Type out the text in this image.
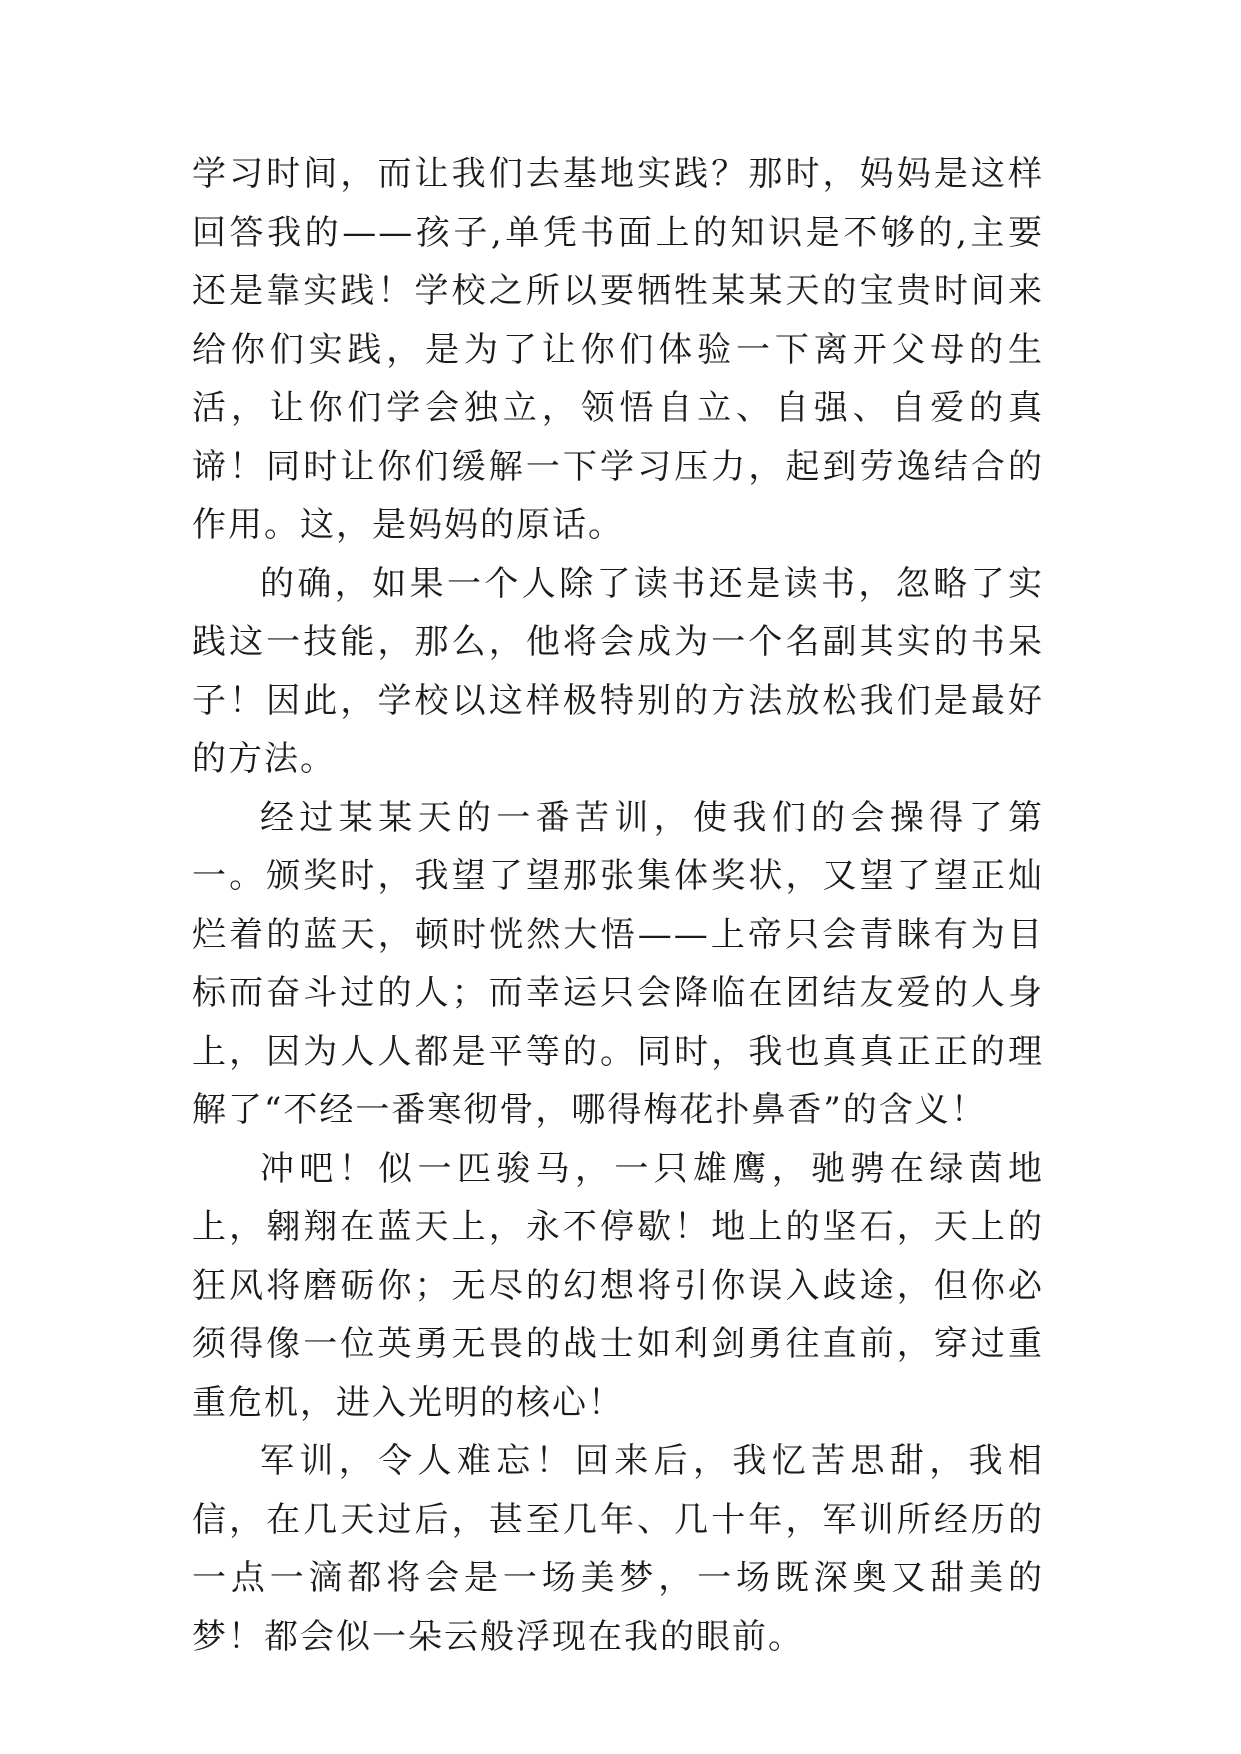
学习时间，而让我们去基地实践？那时，妈妈是这样回答我的——孩子,单凭书面上的知识是不够的,主要还是靠实践！学校之所以要牺牲某某天的宝贵时间来给你们实践，是为了让你们体验一下离开父母的生活，让你们学会独立，领悟自立、自强、自爱的真谛！同时让你们缓解一下学习压力，起到劳逸结合的作用。这，是妈妈的原话。

的确，如果一个人除了读书还是读书，忽略了实践这一技能，那么，他将会成为一个名副其实的书呆子！因此，学校以这样极特别的方法放松我们是最好的方法。

经过某某天的一番苦训，使我们的会操得了第一。颁奖时，我望了望那张集体奖状，又望了望正灿烂着的蓝天，顿时恍然大悟——上帝只会青睐有为目标而奋斗过的人；而幸运只会降临在团结友爱的人身上，因为人人都是平等的。同时，我也真真正正的理解了“不经一番寒彻骨，哪得梅花扑鼻香”的含义！

冲吧！似一匹骏马，一只雄鹰，驰骋在绿茵地上，翱翔在蓝天上，永不停歇！地上的坚石，天上的狂风将磨砺你；无尽的幻想将引你误入歧途，但你必须得像一位英勇无畏的战士如利剑勇往直前，穿过重重危机，进入光明的核心！

军训，令人难忘！回来后，我忆苦思甜，我相信，在几天过后，甚至几年、几十年，军训所经历的一点一滴都将会是一场美梦，一场既深奥又甜美的梦！都会似一朵云般浮现在我的眼前。
